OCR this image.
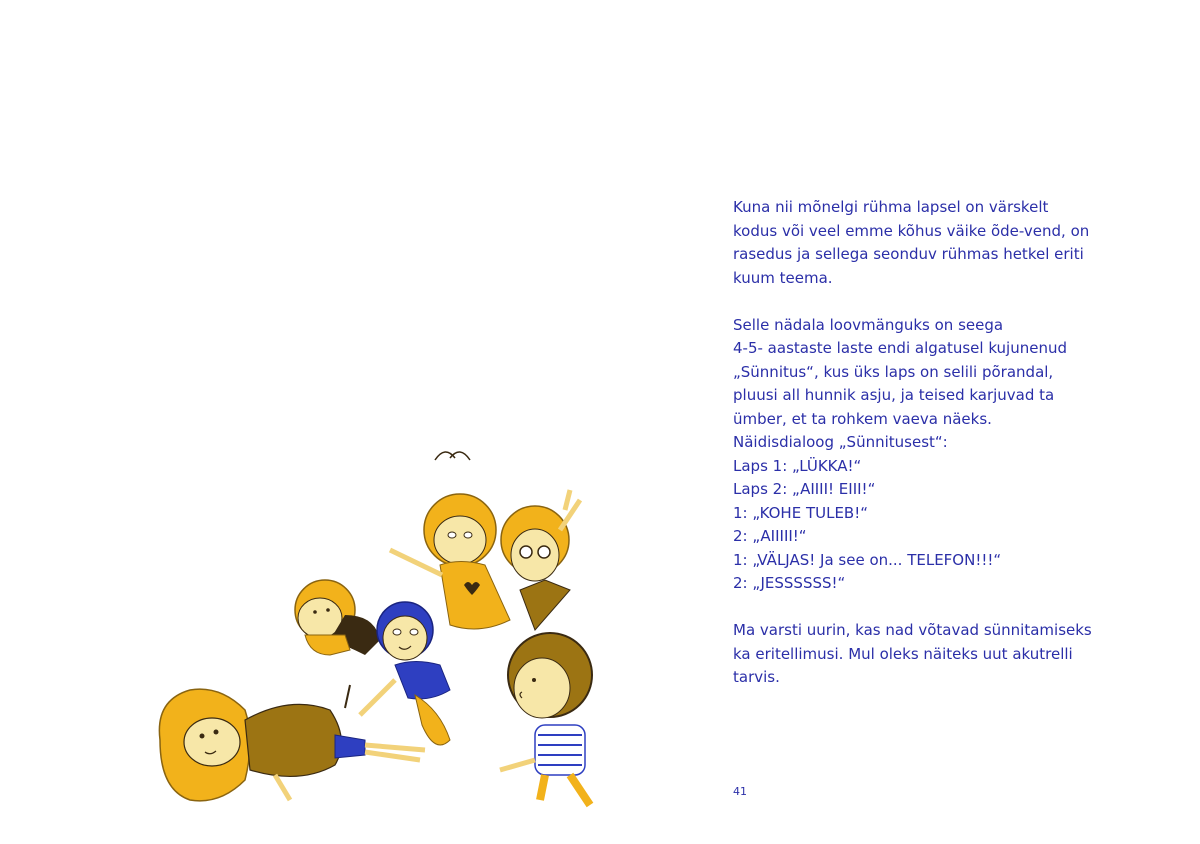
Kuna nii mõnelgi rühma lapsel on värskelt

kodus või veel emme kõhus väike õde-vend, on

rasedus ja sellega seonduv rühmas hetkel eriti

kuum teema.

Selle nädala loovmänguks on seega

4-5- aastaste laste endi algatusel kujunenud

„Sünnitus“, kus üks laps on selili põrandal,

pluusi all hunnik asju, ja teised karjuvad ta

ümber, et ta rohkem vaeva näeks.

Näidisdialoog „Sünnitusest“:

Laps 1: „LÜKKA!“

Laps 2: „AIIII! EIII!“

1: „KOHE TULEB!“

2: „AIIIII!“

1: „VÄLJAS! Ja see on... TELEFON!!!“

2: „JESSSSSS!“

Ma varsti uurin, kas nad võtavad sünnitamiseks

ka eritellimusi. Mul oleks näiteks uut akutrelli

tarvis.

41
